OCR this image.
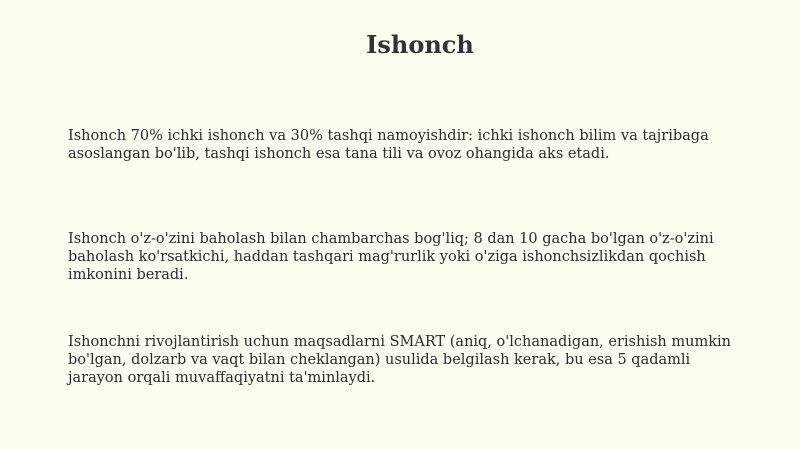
Ishonch

Ishonch 70% ichki ishonch va 30% tashqi namoyishdir: ichki ishonch bilim va tajribaga asoslangan bo'lib, tashqi ishonch esa tana tili va ovoz ohangida aks etadi.

Ishonch o'z-o'zini baholash bilan chambarchas bog'liq; 8 dan 10 gacha bo'lgan o'z-o'zini baholash ko'rsatkichi, haddan tashqari mag'rurlik yoki o'ziga ishonchsizlikdan qochish imkonini beradi.

Ishonchni rivojlantirish uchun maqsadlarni SMART (aniq, o'lchanadigan, erishish mumkin bo'lgan, dolzarb va vaqt bilan cheklangan) usulida belgilash kerak, bu esa 5 qadamli jarayon orqali muvaffaqiyatni ta'minlaydi.
